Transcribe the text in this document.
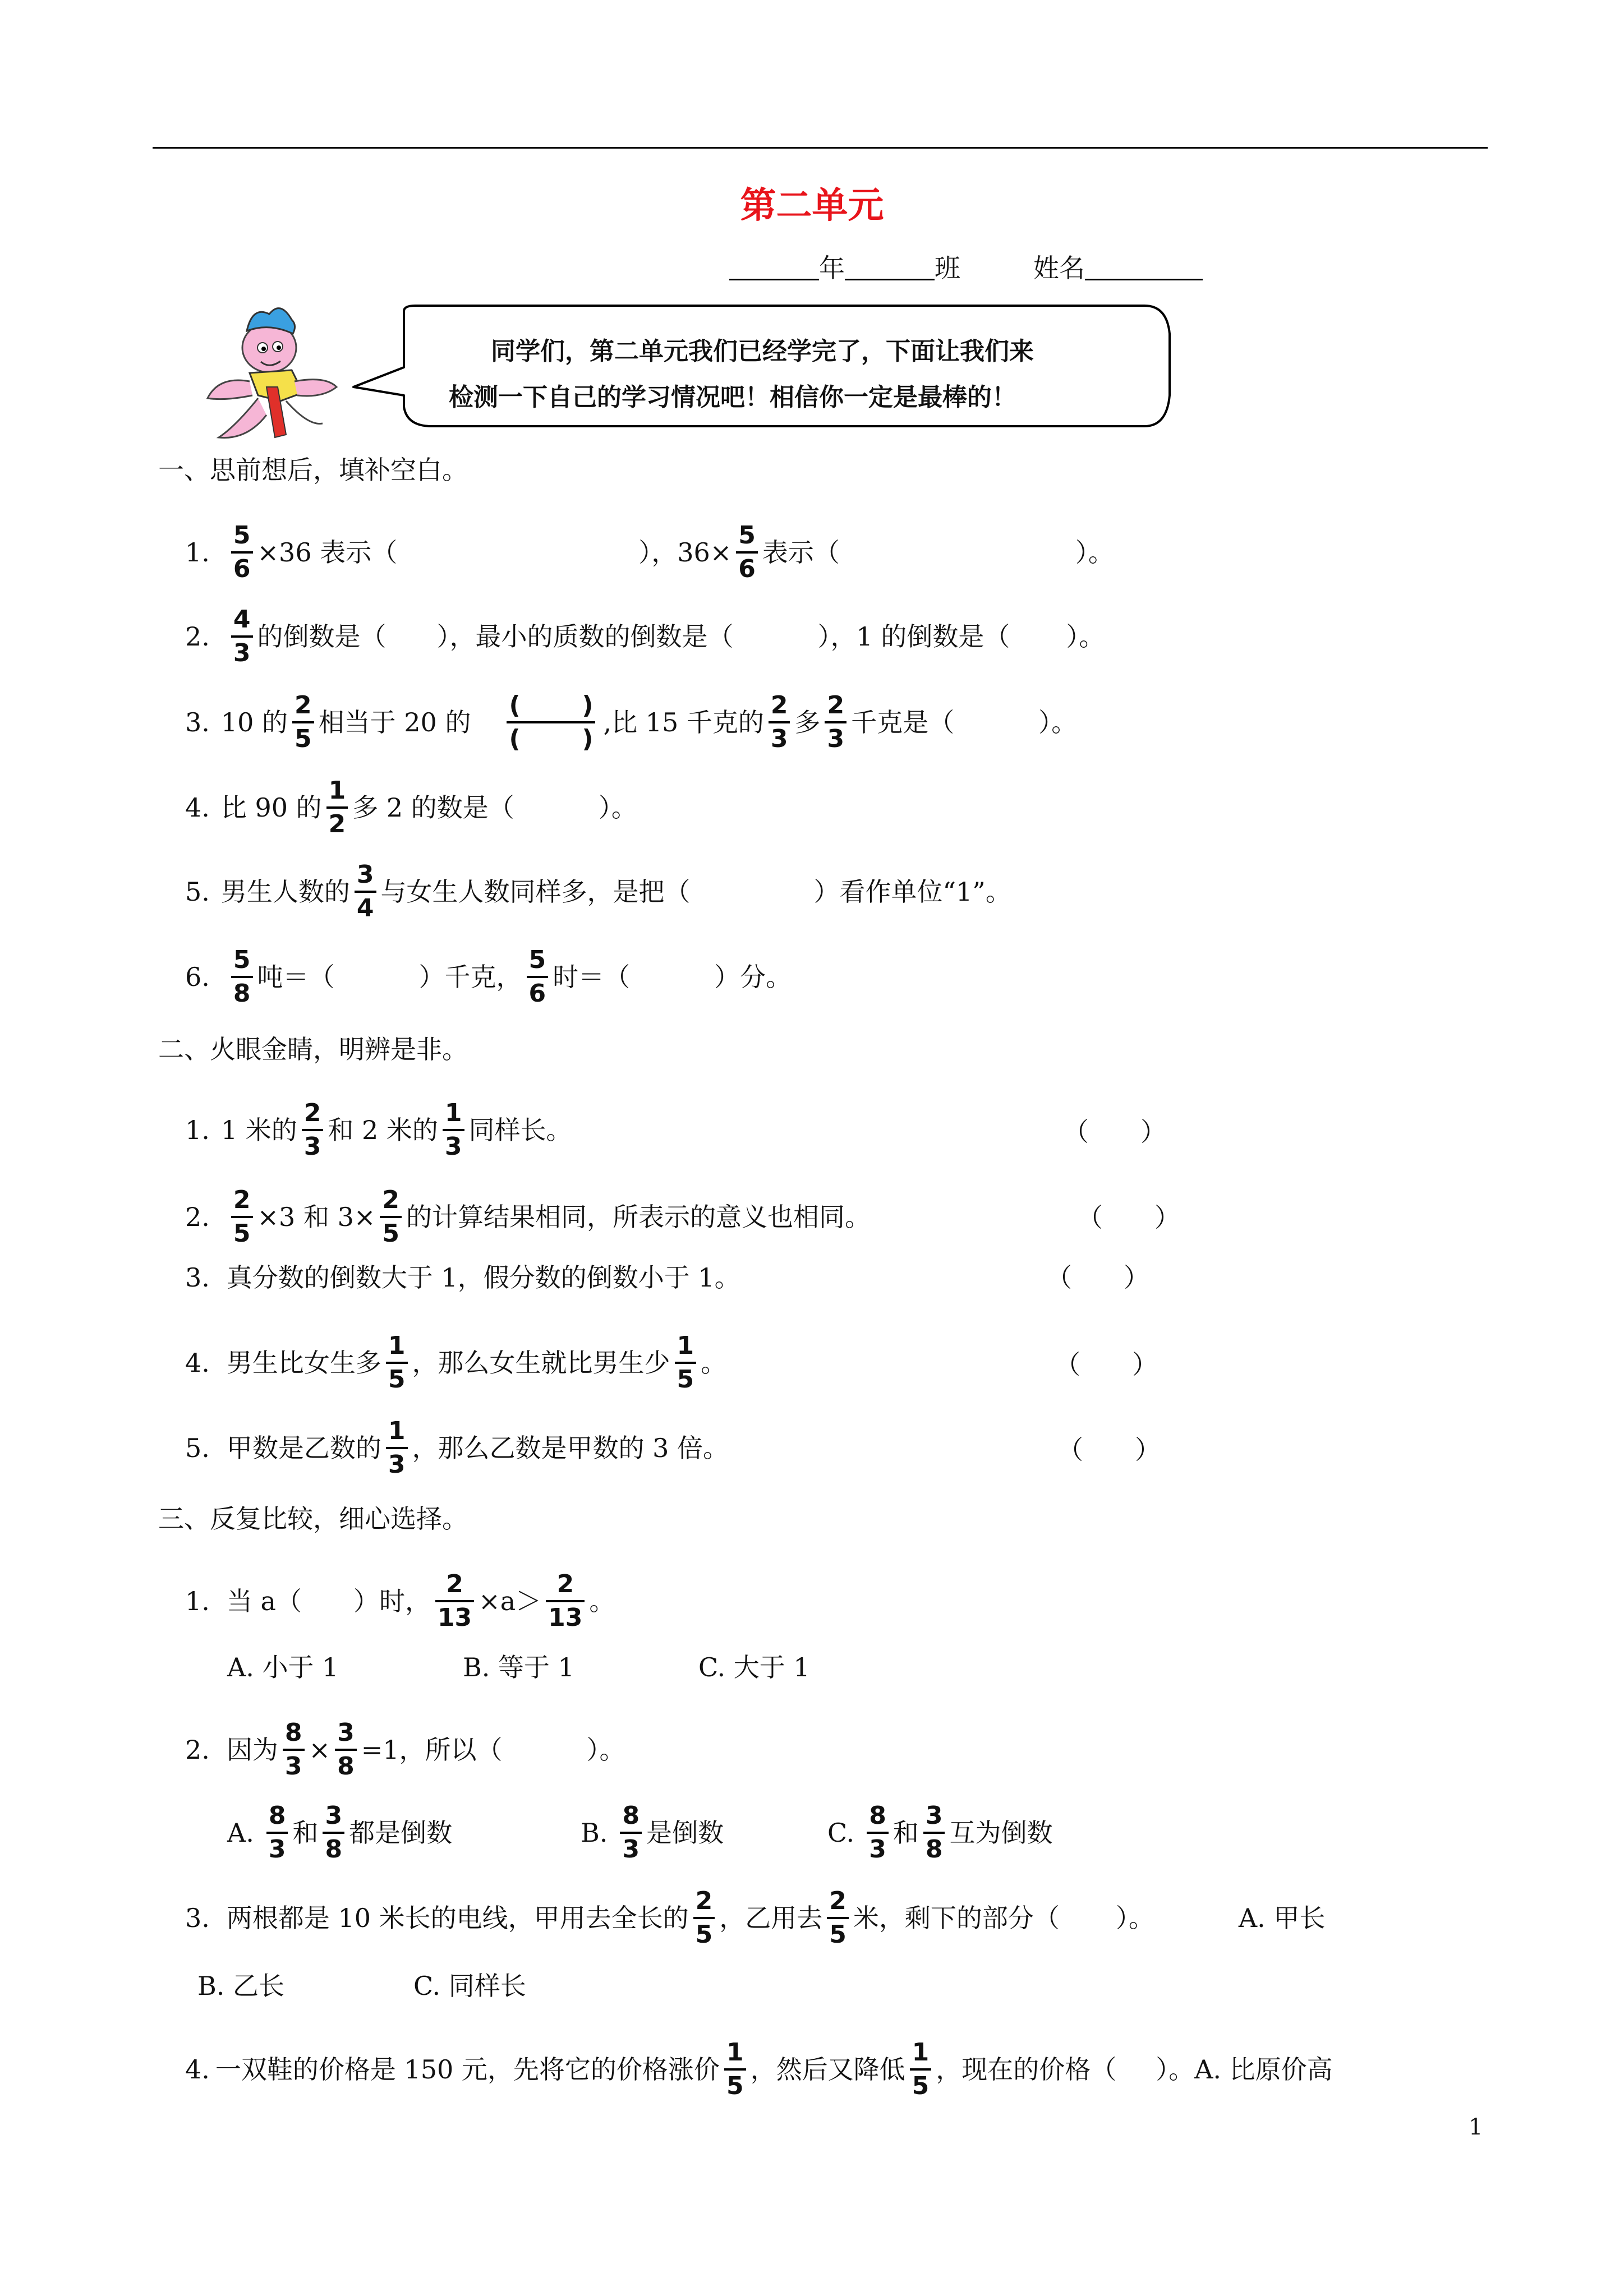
第二单元
年	班	姓名
同学们，第二单元我们已经学完了，下面让我们来
检测一下自己的学习情况吧！相信你一定是最棒的！
一、思前想后，填补空白。
1. $\frac{5}{6} \times 36$ 表示（	），$36\times \frac{5}{6}$ 表示（	）。
2. $\frac{4}{3}$ 的倒数是（ ），最小的质数的倒数是（	），1 的倒数是（ ）。
3. 10 的 $\frac{2}{5}$ 相当于 20 的 $\frac{( )}{( )}$ ,比 15 千克的 $\frac{2}{3}$ 多 $\frac{2}{3}$ 千克是（	）。
4. 比 90 的 $\frac{1}{2}$ 多 2 的数是（	）。
5. 男生人数的 $\frac{3}{4}$ 与女生人数同样多，是把（	）看作单位“1”。
6. $\frac{5}{8}$ 吨＝（	）千克， $\frac{5}{6}$ 时＝（	）分。
二、火眼金睛，明辨是非。
1. 1 米的 $\frac{2}{3}$ 和 2 米的 $\frac{1}{3}$ 同样长。	（　　）
2. $\frac{2}{5} \times 3$ 和 $3\times \frac{2}{5}$ 的计算结果相同，所表示的意义也相同。	（　　）
3. 真分数的倒数大于 1，假分数的倒数小于 1。	（　　）
4. 男生比女生多 $\frac{1}{5}$ ，那么女生就比男生少 $\frac{1}{5}$ 。	（　　）
5. 甲数是乙数的 $\frac{1}{3}$ ，那么乙数是甲数的 3 倍。	（　　）
三、反复比较，细心选择。
1. 当 a（　　）时， $\frac{2}{13} \times a> \frac{2}{13}$ 。
A. 小于 1	B. 等于 1	C. 大于 1
2. 因为 $\frac{8}{3} \times \frac{3}{8} =1$，所以（	）。
A. $\frac{8}{3}$ 和 $\frac{3}{8}$ 都是倒数	B. $\frac{8}{3}$ 是倒数	C. $\frac{8}{3}$ 和 $\frac{3}{8}$ 互为倒数
3. 两根都是 10 米长的电线，甲用去全长的 $\frac{2}{5}$ ，乙用去 $\frac{2}{5}$ 米，剩下的部分（ ）。	A. 甲长
B. 乙长	C. 同样长
4. 一双鞋的价格是 150 元，先将它的价格涨价 $\frac{1}{5}$ ，然后又降低 $\frac{1}{5}$ ，现在的价格（ ）。A. 比原价高
1
